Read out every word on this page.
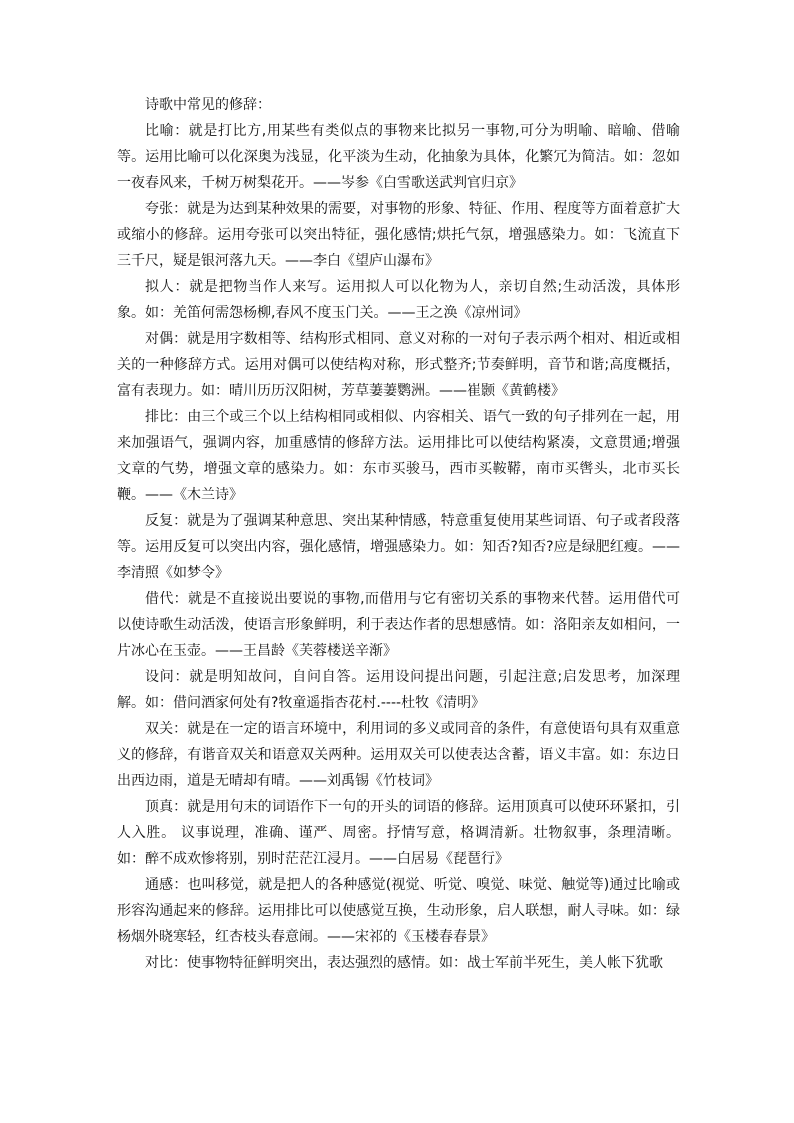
诗歌中常见的修辞：

比喻：就是打比方,用某些有类似点的事物来比拟另一事物,可分为明喻、暗喻、借喻等。运用比喻可以化深奥为浅显，化平淡为生动，化抽象为具体，化繁冗为简洁。如：忽如一夜春风来，千树万树梨花开。——岑参《白雪歌送武判官归京》

夸张：就是为达到某种效果的需要，对事物的形象、特征、作用、程度等方面着意扩大或缩小的修辞。运用夸张可以突出特征，强化感情;烘托气氛，增强感染力。如：飞流直下三千尺，疑是银河落九天。——李白《望庐山瀑布》

拟人：就是把物当作人来写。运用拟人可以化物为人，亲切自然;生动活泼，具体形象。如：羌笛何需怨杨柳,春风不度玉门关。——王之涣《凉州词》

对偶：就是用字数相等、结构形式相同、意义对称的一对句子表示两个相对、相近或相关的一种修辞方式。运用对偶可以使结构对称，形式整齐;节奏鲜明，音节和谐;高度概括，富有表现力。如：晴川历历汉阳树，芳草萋萋鹦洲。——崔颢《黄鹤楼》

排比：由三个或三个以上结构相同或相似、内容相关、语气一致的句子排列在一起，用来加强语气，强调内容，加重感情的修辞方法。运用排比可以使结构紧凑，文意贯通;增强文章的气势，增强文章的感染力。如：东市买骏马，西市买鞍鞯，南市买辔头，北市买长鞭。——《木兰诗》

反复：就是为了强调某种意思、突出某种情感，特意重复使用某些词语、句子或者段落等。运用反复可以突出内容，强化感情，增强感染力。如：知否?知否?应是绿肥红瘦。——李清照《如梦令》

借代：就是不直接说出要说的事物,而借用与它有密切关系的事物来代替。运用借代可以使诗歌生动活泼，使语言形象鲜明，利于表达作者的思想感情。如：洛阳亲友如相问，一片冰心在玉壶。——王昌龄《芙蓉楼送辛渐》

设问：就是明知故问，自问自答。运用设问提出问题，引起注意;启发思考，加深理解。如：借问酒家何处有?牧童遥指杏花村.----杜牧《清明》

双关：就是在一定的语言环境中，利用词的多义或同音的条件，有意使语句具有双重意义的修辞，有谐音双关和语意双关两种。运用双关可以使表达含蓄，语义丰富。如：东边日出西边雨，道是无晴却有晴。——刘禹锡《竹枝词》

顶真：就是用句末的词语作下一句的开头的词语的修辞。运用顶真可以使环环紧扣，引人入胜。 议事说理，准确、谨严、周密。抒情写意，格调清新。壮物叙事，条理清晰。如：醉不成欢惨将别，别时茫茫江浸月。——白居易《琵琶行》

通感：也叫移觉，就是把人的各种感觉(视觉、听觉、嗅觉、味觉、触觉等)通过比喻或形容沟通起来的修辞。运用排比可以使感觉互换，生动形象，启人联想，耐人寻味。如：绿杨烟外晓寒轻，红杏枝头春意闹。——宋祁的《玉楼春春景》

对比：使事物特征鲜明突出，表达强烈的感情。如：战士军前半死生，美人帐下犹歌
